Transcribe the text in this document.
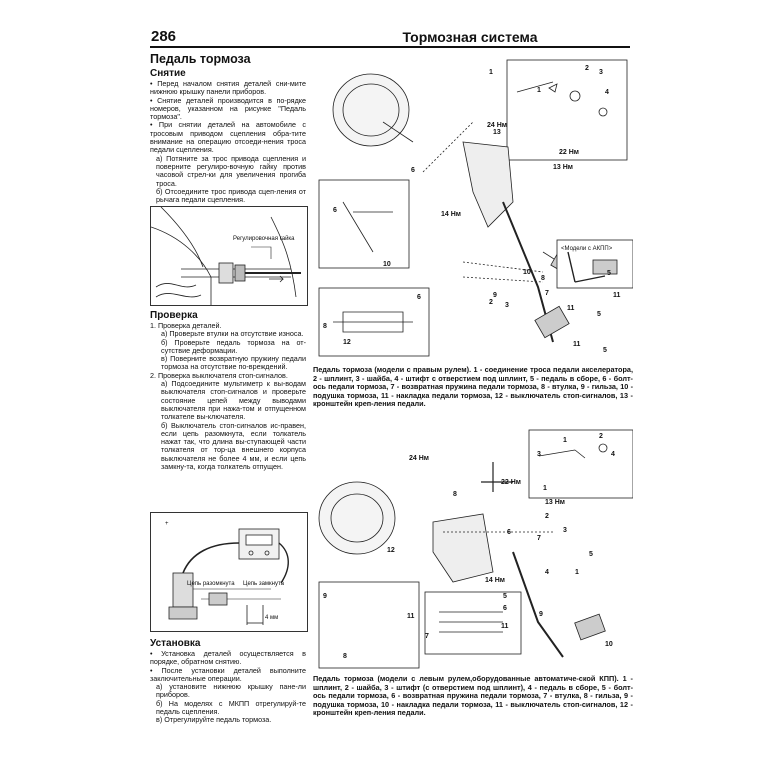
286	Тормозная система
Педаль тормоза
Снятие

• Перед началом снятия деталей сни-мите нижнюю крышку панели приборов.

• Снятие деталей производится в по-рядке номеров, указанном на рисунке "Педаль тормоза".

• При снятии деталей на автомобиле с тросовым приводом сцепления обра-тите внимание на операцию отсоеди-нения троса педали сцепления.

а) Потяните за трос привода сцепления и поверните регулиро-вочную гайку против часовой стрел-ки для увеличения прогиба троса.

б) Отсоедините трос привода сцеп-ления от рычага педали сцепления.

Регулировочная гайка
Проверка

1. Проверка деталей.

а) Проверьте втулки на отсутствие износа.

б) Проверьте педаль тормоза на от-сутствие деформации.

в) Поверните возвратную пружину педали тормоза на отсутствие по-вреждений.

2. Проверка выключателя стоп-сигналов.

а) Подсоедините мультиметр к вы-водам выключателя стоп-сигналов и проверьте состояние цепей между выводами выключателя при нажа-том и отпущенном толкателе вы-ключателя.

б) Выключатель стоп-сигналов ис-правен, если цепь разомкнута, если толкатель нажат так, что длина вы-ступающей части толкателя от тор-ца внешнего корпуса выключателя не более 4 мм, и если цепь замкну-та, когда толкатель отпущен.

+
Цепь разомкнута Цепь замкнута
4 мм
Установка

• Установка деталей осуществляется в порядке, обратном снятию.

• После установки деталей выполните заключительные операции.

а) установите нижнюю крышку пане-ли приборов.

б) На моделях с МКПП отрегулируй-те педаль сцепления.

в) Отрегулируйте педаль тормоза.

24 Нм
22 Нм
13 Нм
14 Нм
<Модели с АКПП>
1
2
3
4
1
13
6
9
3
2
7
8
10
6
10
6
8
12
11
5
11
5
11
5
Педаль тормоза (модели с правым рулем). 1 - соединение троса педали акселератора, 2 - шплинт, 3 - шайба, 4 - штифт с отверстием под шплинт, 5 - педаль в сборе, 6 - болт-ось педали тормоза, 7 - возвратная пружина педали тормоза, 8 - втулка, 9 - гильза, 10 - подушка тормоза, 11 - накладка педали тормоза, 12 - выключатель стоп-сигналов, 13 - кронштейн креп-ления педали.
24 Нм
22 Нм
13 Нм
14 Нм
2
4
3
1
1
8
12
2
3
5
7
6
4
9
10
1
5
6
11
11
7
9
8
Педаль тормоза (модели с левым рулем,оборудованные автоматиче-ской КПП). 1 - шплинт, 2 - шайба, 3 - штифт (с отверстием под шплинт), 4 - педаль в сборе, 5 - болт-ось педали тормоза, 6 - возвратная пружина педали тормоза, 7 - втулка, 8 - гильза, 9 - подушка тормоза, 10 - накладка педали тормоза, 11 - выключатель стоп-сигналов, 12 - кронштейн креп-ления педали.
